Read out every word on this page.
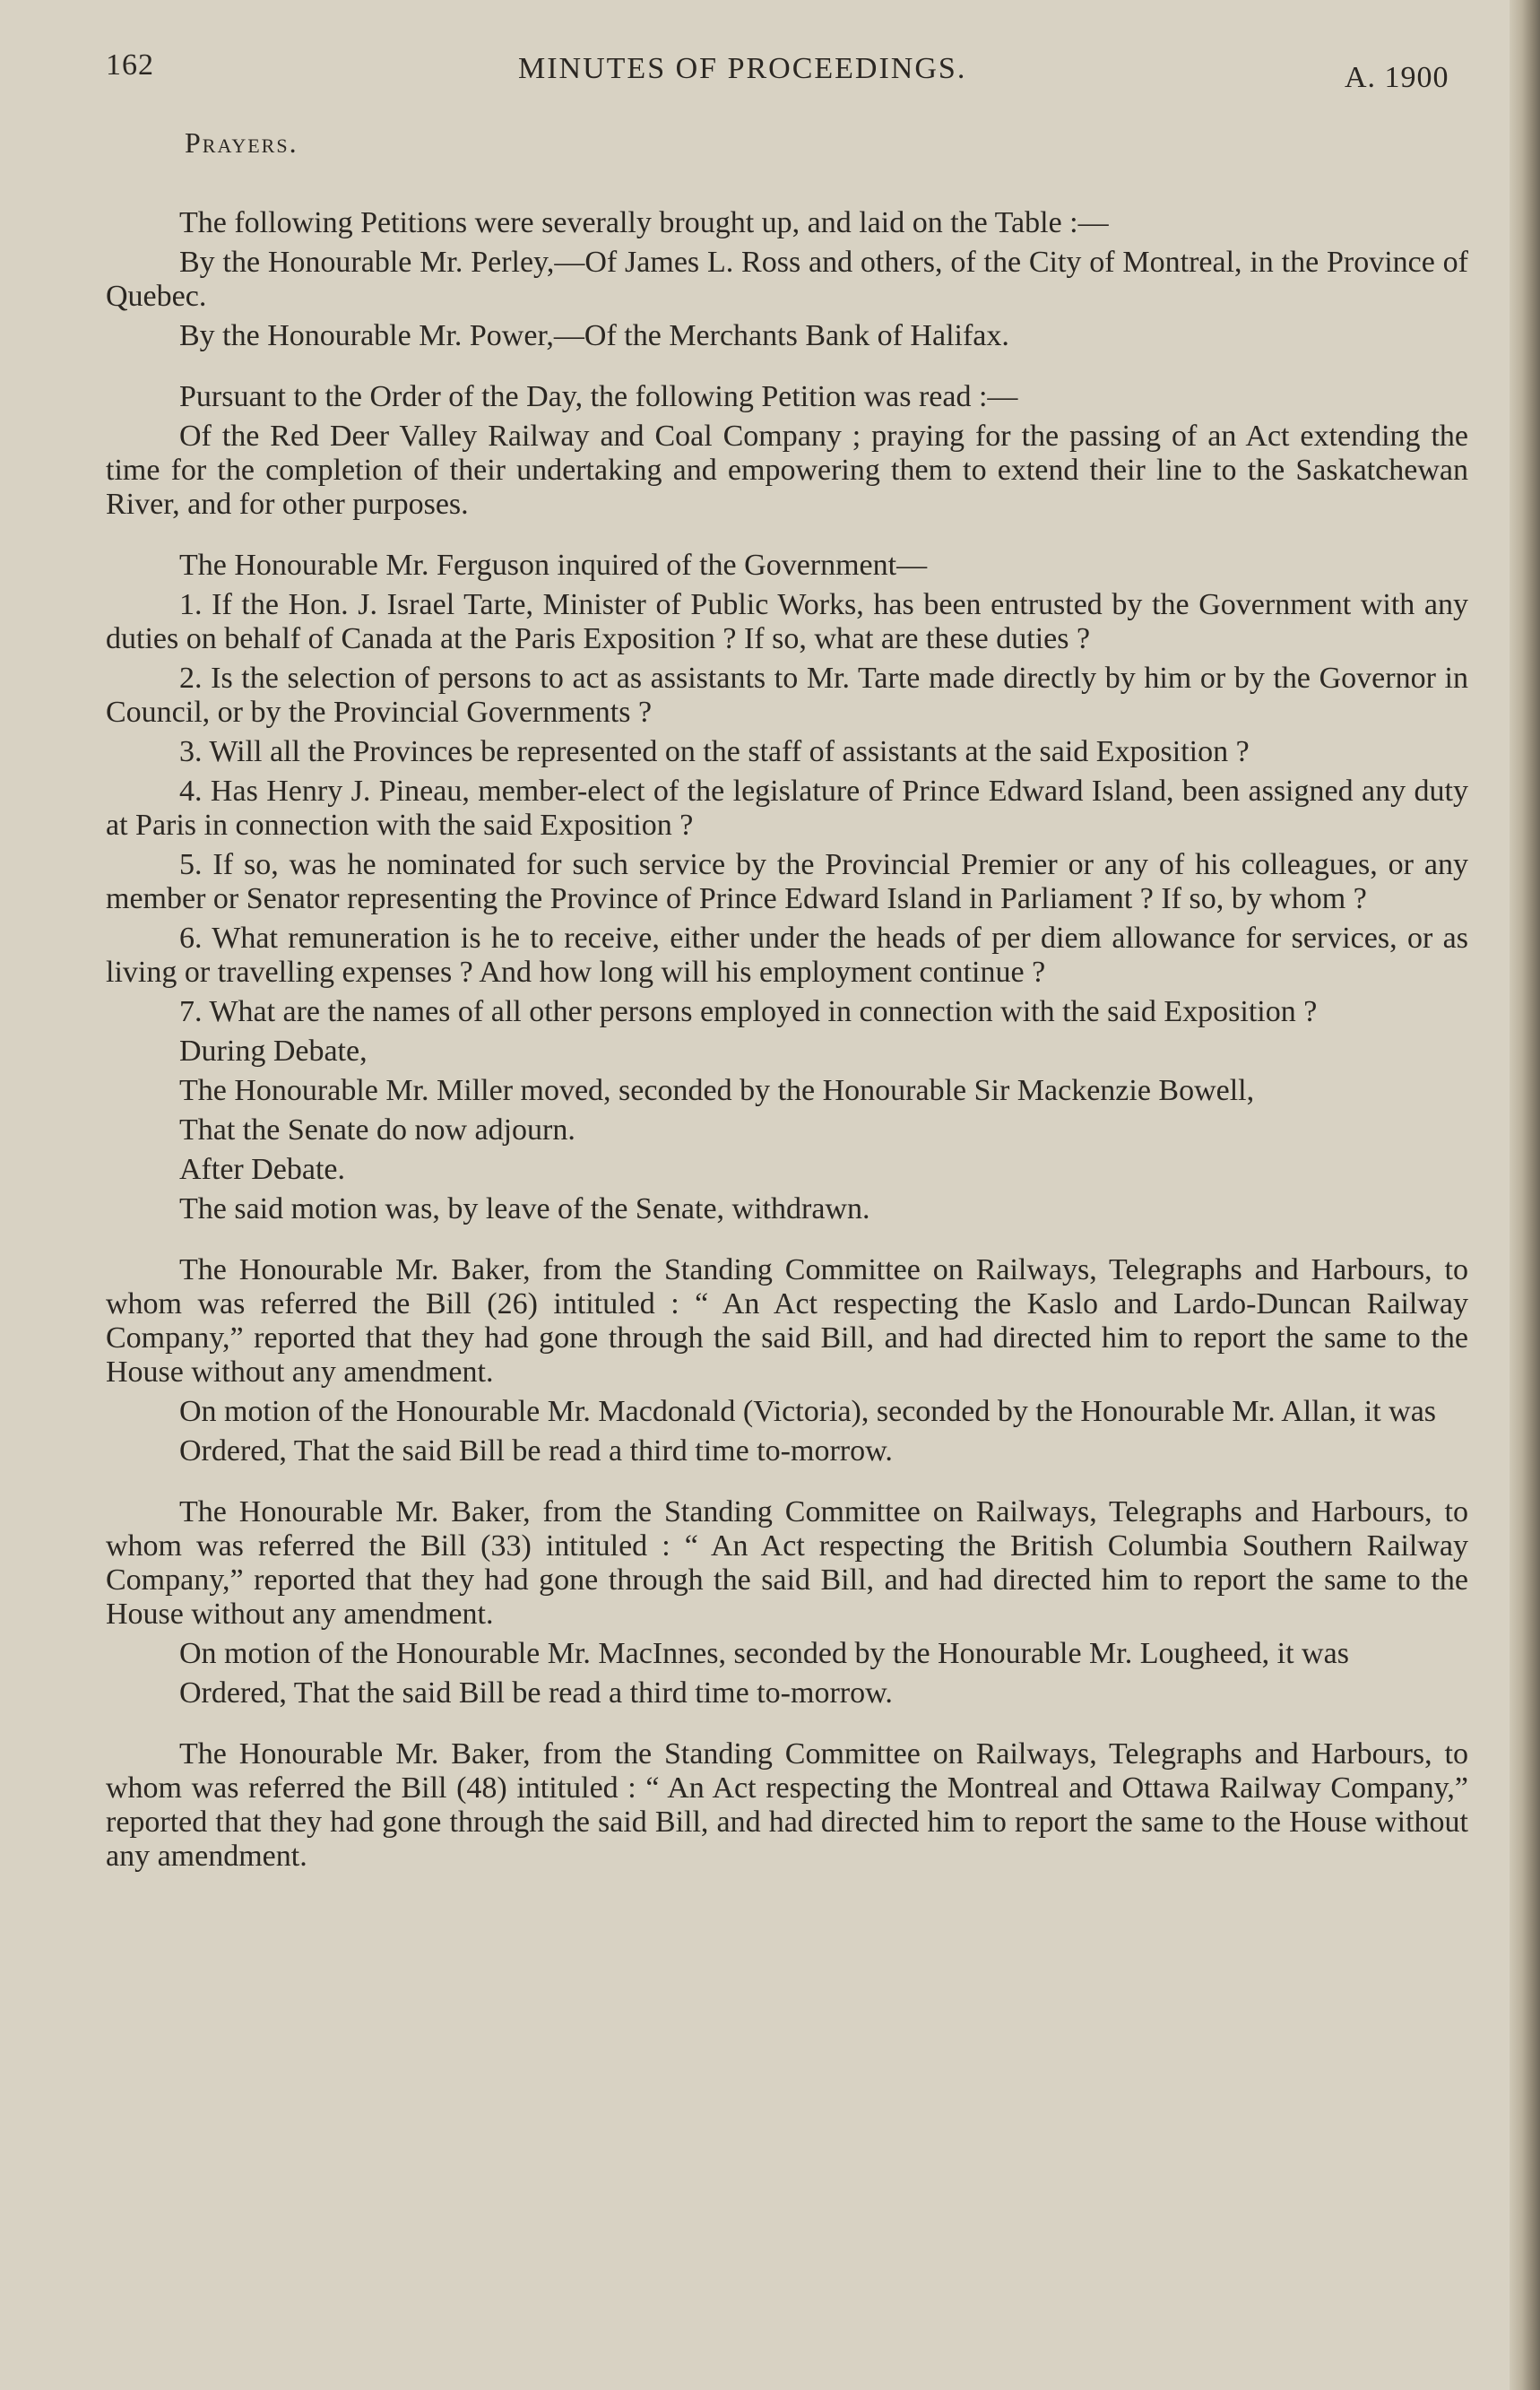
162	MINUTES OF PROCEEDINGS.	A. 1900
Prayers.

The following Petitions were severally brought up, and laid on the Table :—

By the Honourable Mr. Perley,—Of James L. Ross and others, of the City of Montreal, in the Province of Quebec.

By the Honourable Mr. Power,—Of the Merchants Bank of Halifax.

Pursuant to the Order of the Day, the following Petition was read :—

Of the Red Deer Valley Railway and Coal Company ; praying for the passing of an Act extending the time for the completion of their undertaking and empowering them to extend their line to the Saskatchewan River, and for other purposes.

The Honourable Mr. Ferguson inquired of the Government—

1. If the Hon. J. Israel Tarte, Minister of Public Works, has been entrusted by the Government with any duties on behalf of Canada at the Paris Exposition ? If so, what are these duties ?

2. Is the selection of persons to act as assistants to Mr. Tarte made directly by him or by the Governor in Council, or by the Provincial Governments ?

3. Will all the Provinces be represented on the staff of assistants at the said Exposition ?

4. Has Henry J. Pineau, member-elect of the legislature of Prince Edward Island, been assigned any duty at Paris in connection with the said Exposition ?

5. If so, was he nominated for such service by the Provincial Premier or any of his colleagues, or any member or Senator representing the Province of Prince Edward Island in Parliament ? If so, by whom ?

6. What remuneration is he to receive, either under the heads of per diem allowance for services, or as living or travelling expenses ? And how long will his employment continue ?

7. What are the names of all other persons employed in connection with the said Exposition ?

During Debate,

The Honourable Mr. Miller moved, seconded by the Honourable Sir Mackenzie Bowell,

That the Senate do now adjourn.

After Debate.

The said motion was, by leave of the Senate, withdrawn.

The Honourable Mr. Baker, from the Standing Committee on Railways, Telegraphs and Harbours, to whom was referred the Bill (26) intituled : “ An Act respecting the Kaslo and Lardo-Duncan Railway Company,” reported that they had gone through the said Bill, and had directed him to report the same to the House without any amendment.

On motion of the Honourable Mr. Macdonald (Victoria), seconded by the Honourable Mr. Allan, it was

Ordered, That the said Bill be read a third time to-morrow.

The Honourable Mr. Baker, from the Standing Committee on Railways, Telegraphs and Harbours, to whom was referred the Bill (33) intituled : “ An Act respecting the British Columbia Southern Railway Company,” reported that they had gone through the said Bill, and had directed him to report the same to the House without any amendment.

On motion of the Honourable Mr. MacInnes, seconded by the Honourable Mr. Lougheed, it was

Ordered, That the said Bill be read a third time to-morrow.

The Honourable Mr. Baker, from the Standing Committee on Railways, Telegraphs and Harbours, to whom was referred the Bill (48) intituled : “ An Act respecting the Montreal and Ottawa Railway Company,” reported that they had gone through the said Bill, and had directed him to report the same to the House without any amendment.
